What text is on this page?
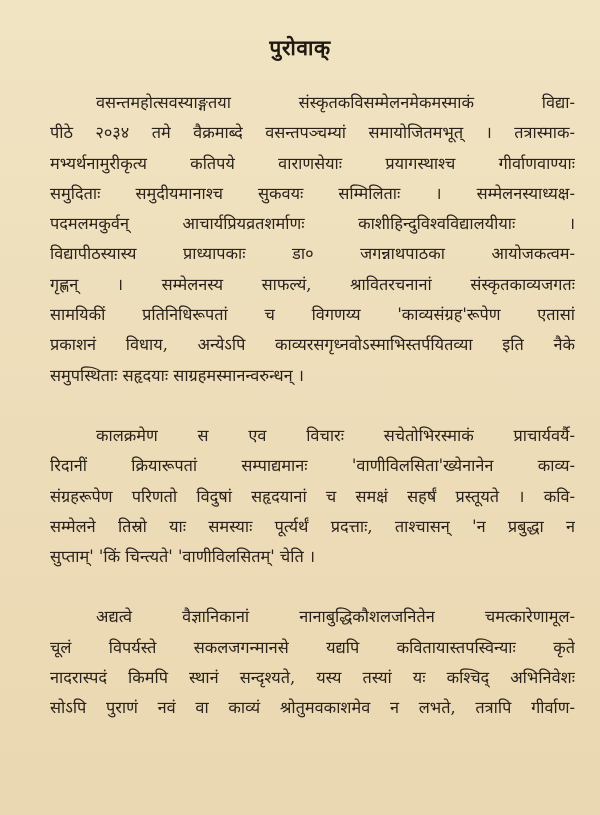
पुरोवाक्
वसन्तमहोत्सवस्याङ्गतया संस्कृतकविसम्मेलनमेकमस्माकं विद्या-
पीठे २०३४ तमे वैक्रमाब्दे वसन्तपञ्चम्यां समायोजितमभूत् । तत्रास्माक-
मभ्यर्थनामुरीकृत्य कतिपये वाराणसेयाः प्रयागस्थाश्च गीर्वाणवाण्याः
समुदिताः समुदीयमानाश्च सुकवयः सम्मिलिताः । सम्मेलनस्याध्यक्ष-
पदमलमकुर्वन् आचार्यप्रियव्रतशर्माणः काशीहिन्दुविश्वविद्यालयीयाः ।
विद्यापीठस्यास्य प्राध्यापकाः डा० जगन्नाथपाठका आयोजकत्वम-
गृह्णन् । सम्मेलनस्य साफल्यं, श्रावितरचनानां संस्कृतकाव्यजगतः
सामयिकीं प्रतिनिधिरूपतां च विगणय्य 'काव्यसंग्रह'रूपेण एतासां
प्रकाशनं विधाय, अन्येऽपि काव्यरसगृध्नवोऽस्माभिस्तर्पयितव्या इति नैके
समुपस्थिताः सहृदयाः साग्रहमस्मानन्वरुन्धन् ।
कालक्रमेण स एव विचारः सचेतोभिरस्माकं प्राचार्यवर्यै-
रिदानीं क्रियारूपतां सम्पाद्यमानः 'वाणीविलसिता'ख्येनानेन काव्य-
संग्रहरूपेण परिणतो विदुषां सहृदयानां च समक्षं सहर्षं प्रस्तूयते । कवि-
सम्मेलने तिस्रो याः समस्याः पूर्त्यर्थं प्रदत्ताः, ताश्चासन् 'न प्रबुद्धा न
सुप्ताम्' 'किं चिन्त्यते' 'वाणीविलसितम्' चेति ।
अद्यत्वे वैज्ञानिकानां नानाबुद्धिकौशलजनितेन चमत्कारेणामूल-
चूलं विपर्यस्ते सकलजगन्मानसे यद्यपि कवितायास्तपस्विन्याः कृते
नादरास्पदं किमपि स्थानं सन्दृश्यते, यस्य तस्यां यः कश्चिद् अभिनिवेशः
सोऽपि पुराणं नवं वा काव्यं श्रोतुमवकाशमेव न लभते, तत्रापि गीर्वाण-
